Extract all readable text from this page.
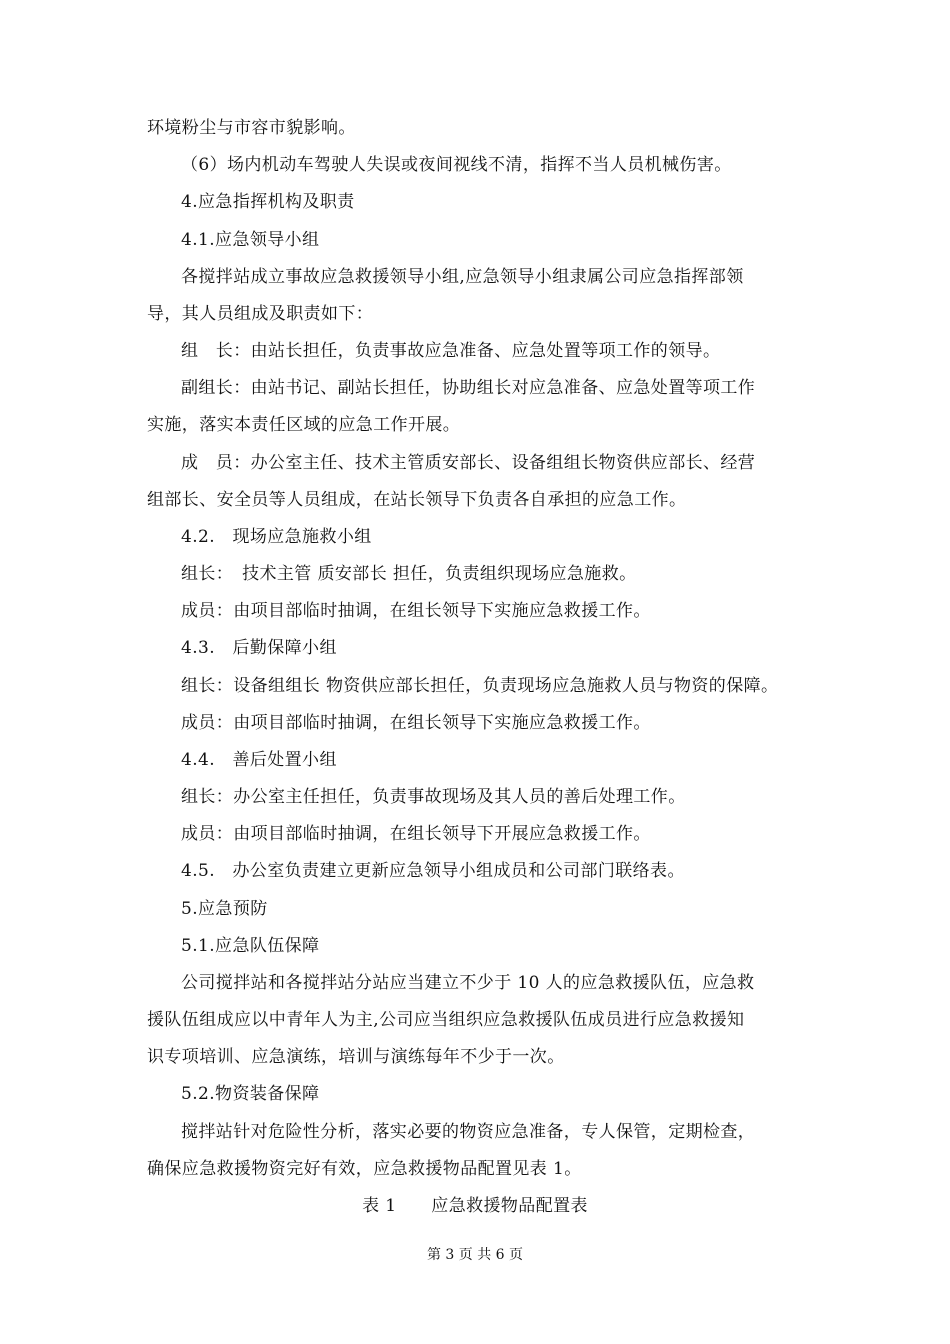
环境粉尘与市容市貌影响。
（6）场内机动车驾驶人失误或夜间视线不清，指挥不当人员机械伤害。
4.应急指挥机构及职责
4.1.应急领导小组
各搅拌站成立事故应急救援领导小组,应急领导小组隶属公司应急指挥部领
导，其人员组成及职责如下：
组　长：由站长担任，负责事故应急准备、应急处置等项工作的领导。
副组长：由站书记、副站长担任，协助组长对应急准备、应急处置等项工作
实施，落实本责任区域的应急工作开展。
成　员：办公室主任、技术主管质安部长、设备组组长物资供应部长、经营
组部长、安全员等人员组成，在站长领导下负责各自承担的应急工作。
4.2.　现场应急施救小组
组长：　技术主管 质安部长 担任，负责组织现场应急施救。
成员：由项目部临时抽调，在组长领导下实施应急救援工作。
4.3.　后勤保障小组
组长：设备组组长 物资供应部长担任，负责现场应急施救人员与物资的保障。
成员：由项目部临时抽调，在组长领导下实施应急救援工作。
4.4.　善后处置小组
组长：办公室主任担任，负责事故现场及其人员的善后处理工作。
成员：由项目部临时抽调，在组长领导下开展应急救援工作。
4.5.　办公室负责建立更新应急领导小组成员和公司部门联络表。
5.应急预防
5.1.应急队伍保障
公司搅拌站和各搅拌站分站应当建立不少于 10 人的应急救援队伍，应急救
援队伍组成应以中青年人为主,公司应当组织应急救援队伍成员进行应急救援知
识专项培训、应急演练，培训与演练每年不少于一次。
5.2.物资装备保障
搅拌站针对危险性分析，落实必要的物资应急准备，专人保管，定期检查，
确保应急救援物资完好有效，应急救援物品配置见表 1。
表 1　　应急救援物品配置表
第 3 页 共 6 页
